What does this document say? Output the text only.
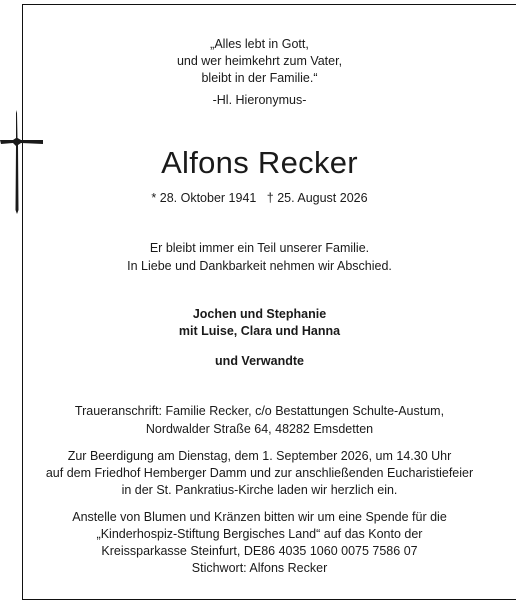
„Alles lebt in Gott,
und wer heimkehrt zum Vater,
bleibt in der Familie.“
-Hl. Hieronymus-
Alfons Recker
* 28. Oktober 1941   † 25. August 2026
Er bleibt immer ein Teil unserer Familie.
In Liebe und Dankbarkeit nehmen wir Abschied.
Jochen und Stephanie
mit Luise, Clara und Hanna
und Verwandte
Traueranschrift: Familie Recker, c/o Bestattungen Schulte-Austum,
Nordwalder Straße 64, 48282 Emsdetten
Zur Beerdigung am Dienstag, dem 1. September 2026, um 14.30 Uhr
auf dem Friedhof Hemberger Damm und zur anschließenden Eucharistiefeier
in der St. Pankratius-Kirche laden wir herzlich ein.
Anstelle von Blumen und Kränzen bitten wir um eine Spende für die
„Kinderhospiz-Stiftung Bergisches Land“ auf das Konto der
Kreissparkasse Steinfurt, DE86 4035 1060 0075 7586 07
Stichwort: Alfons Recker
